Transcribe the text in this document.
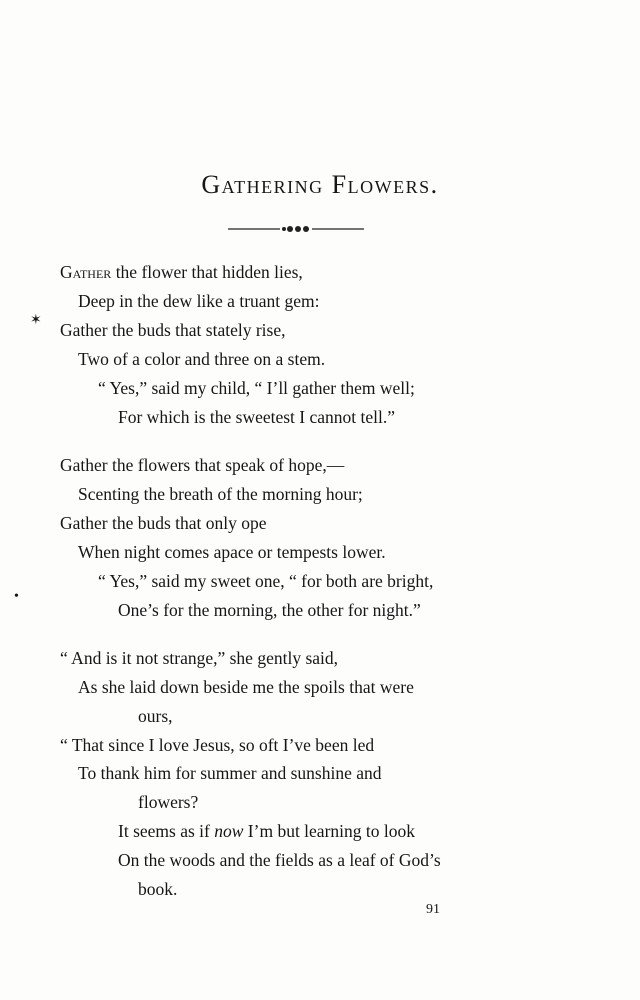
Gathering Flowers.
Gather the flower that hidden lies,
Deep in the dew like a truant gem:
Gather the buds that stately rise,
Two of a color and three on a stem.
“ Yes,” said my child, “ I’ll gather them well;
For which is the sweetest I cannot tell.”
Gather the flowers that speak of hope,—
Scenting the breath of the morning hour;
Gather the buds that only ope
When night comes apace or tempests lower.
“ Yes,” said my sweet one, “ for both are bright,
One’s for the morning, the other for night.”
“ And is it not strange,” she gently said,
As she laid down beside me the spoils that were
ours,
“ That since I love Jesus, so oft I’ve been led
To thank him for summer and sunshine and
flowers?
It seems as if now I’m but learning to look
On the woods and the fields as a leaf of God’s
book.
✶
•
91
